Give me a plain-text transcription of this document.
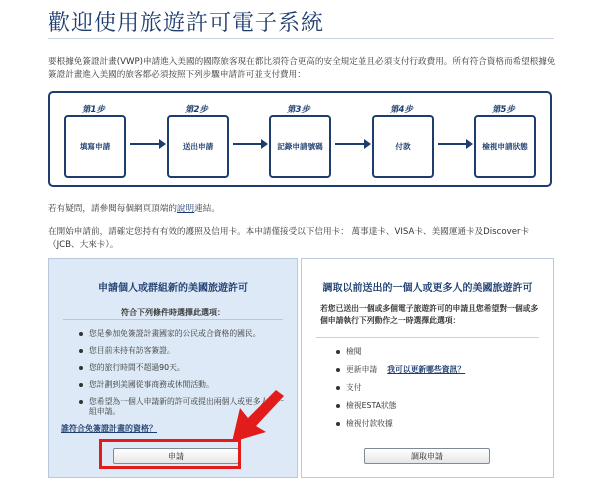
歡迎使用旅遊許可電子系統
要根據免簽證計畫(VWP)申請進入美國的國際旅客現在都比須符合更高的安全規定並且必須支付行政費用。所有符合資格而希望根據免簽證計畫進入美國的旅客都必須按照下列步驟申請許可並支付費用：
第1步
填寫申請
第2步
送出申請
第3步
記錄申請號碼
第4步
付款
第5步
檢視申請狀態
若有疑問，請參閱每個網頁頂端的說明連結。
在開始申請前，請確定您持有有效的護照及信用卡。本申請僅接受以下信用卡： 萬事達卡、VISA卡、美國運通卡及Discover卡（JCB、大來卡）。
申請個人或群組新的美國旅遊許可
符合下列條件時選擇此選項：
您是參加免簽證計畫國家的公民或合資格的國民。
您目前未持有訪客簽證。
您的旅行時間不超過90天。
您計劃到美國從事商務或休閒活動。
您希望為一個人申請新的許可或提出兩個人或更多人的一組申請。
誰符合免簽證計畫的資格？
申請
調取以前送出的一個人或更多人的美國旅遊許可
若您已送出一個或多個電子旅遊許可的申請且您希望對一個或多個申請執行下列動作之一時選擇此選項：
檢閱
更新申請 我可以更新哪些資訊？
支付
檢視ESTA狀態
檢視付款收據
調取申請
